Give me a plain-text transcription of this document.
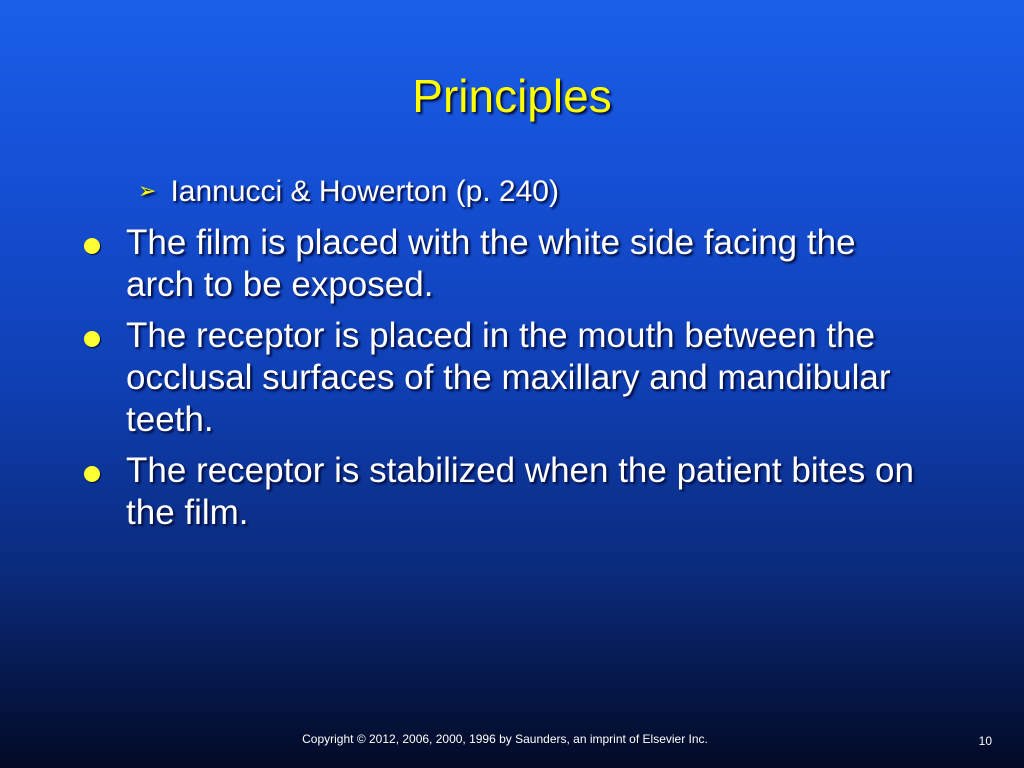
Principles
➢ Iannucci & Howerton (p. 240)
The film is placed with the white side facing the arch to be exposed.
The receptor is placed in the mouth between the occlusal surfaces of the maxillary and mandibular teeth.
The receptor is stabilized when the patient bites on the film.
Copyright © 2012, 2006, 2000, 1996 by Saunders, an imprint of Elsevier Inc.	10
